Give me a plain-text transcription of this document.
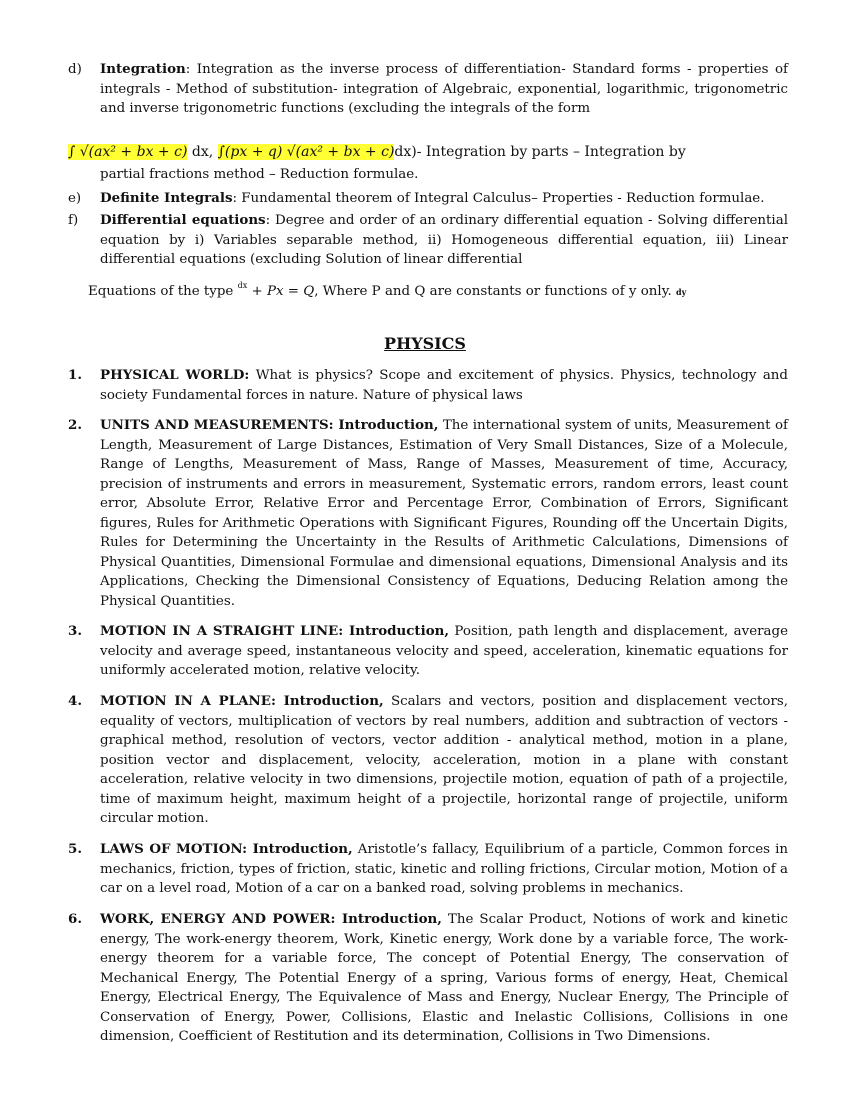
d) Integration: Integration as the inverse process of differentiation- Standard forms - properties of integrals - Method of substitution- integration of Algebraic, exponential, logarithmic, trigonometric and inverse trigonometric functions (excluding the integrals of the form
∫ √(ax² + bx + c) dx, ∫(px + q) √(ax² + bx + c)dx)- Integration by parts – Integration by
partial fractions method – Reduction formulae.
e) Definite Integrals: Fundamental theorem of Integral Calculus– Properties - Reduction formulae.
f) Differential equations: Degree and order of an ordinary differential equation - Solving differential equation by i) Variables separable method, ii) Homogeneous differential equation, iii) Linear differential equations (excluding Solution of linear differential
Equations of the type $^{dx}$ + Px = Q, Where P and Q are constants or functions of y only. dy
PHYSICS
1. PHYSICAL WORLD: What is physics? Scope and excitement of physics. Physics, technology and society Fundamental forces in nature. Nature of physical laws
2. UNITS AND MEASUREMENTS: Introduction, The international system of units, Measurement of Length, Measurement of Large Distances, Estimation of Very Small Distances, Size of a Molecule, Range of Lengths, Measurement of Mass, Range of Masses, Measurement of time, Accuracy, precision of instruments and errors in measurement, Systematic errors, random errors, least count error, Absolute Error, Relative Error and Percentage Error, Combination of Errors, Significant figures, Rules for Arithmetic Operations with Significant Figures, Rounding off the Uncertain Digits, Rules for Determining the Uncertainty in the Results of Arithmetic Calculations, Dimensions of Physical Quantities, Dimensional Formulae and dimensional equations, Dimensional Analysis and its Applications, Checking the Dimensional Consistency of Equations, Deducing Relation among the Physical Quantities.
3. MOTION IN A STRAIGHT LINE: Introduction, Position, path length and displacement, average velocity and average speed, instantaneous velocity and speed, acceleration, kinematic equations for uniformly accelerated motion, relative velocity.
4. MOTION IN A PLANE: Introduction, Scalars and vectors, position and displacement vectors, equality of vectors, multiplication of vectors by real numbers, addition and subtraction of vectors - graphical method, resolution of vectors, vector addition - analytical method, motion in a plane, position vector and displacement, velocity, acceleration, motion in a plane with constant acceleration, relative velocity in two dimensions, projectile motion, equation of path of a projectile, time of maximum height, maximum height of a projectile, horizontal range of projectile, uniform circular motion.
5. LAWS OF MOTION: Introduction, Aristotle’s fallacy, Equilibrium of a particle, Common forces in mechanics, friction, types of friction, static, kinetic and rolling frictions, Circular motion, Motion of a car on a level road, Motion of a car on a banked road, solving problems in mechanics.
6. WORK, ENERGY AND POWER: Introduction, The Scalar Product, Notions of work and kinetic energy, The work-energy theorem, Work, Kinetic energy, Work done by a variable force, The work-energy theorem for a variable force, The concept of Potential Energy, The conservation of Mechanical Energy, The Potential Energy of a spring, Various forms of energy, Heat, Chemical Energy, Electrical Energy, The Equivalence of Mass and Energy, Nuclear Energy, The Principle of Conservation of Energy, Power, Collisions, Elastic and Inelastic Collisions, Collisions in one dimension, Coefficient of Restitution and its determination, Collisions in Two Dimensions.
